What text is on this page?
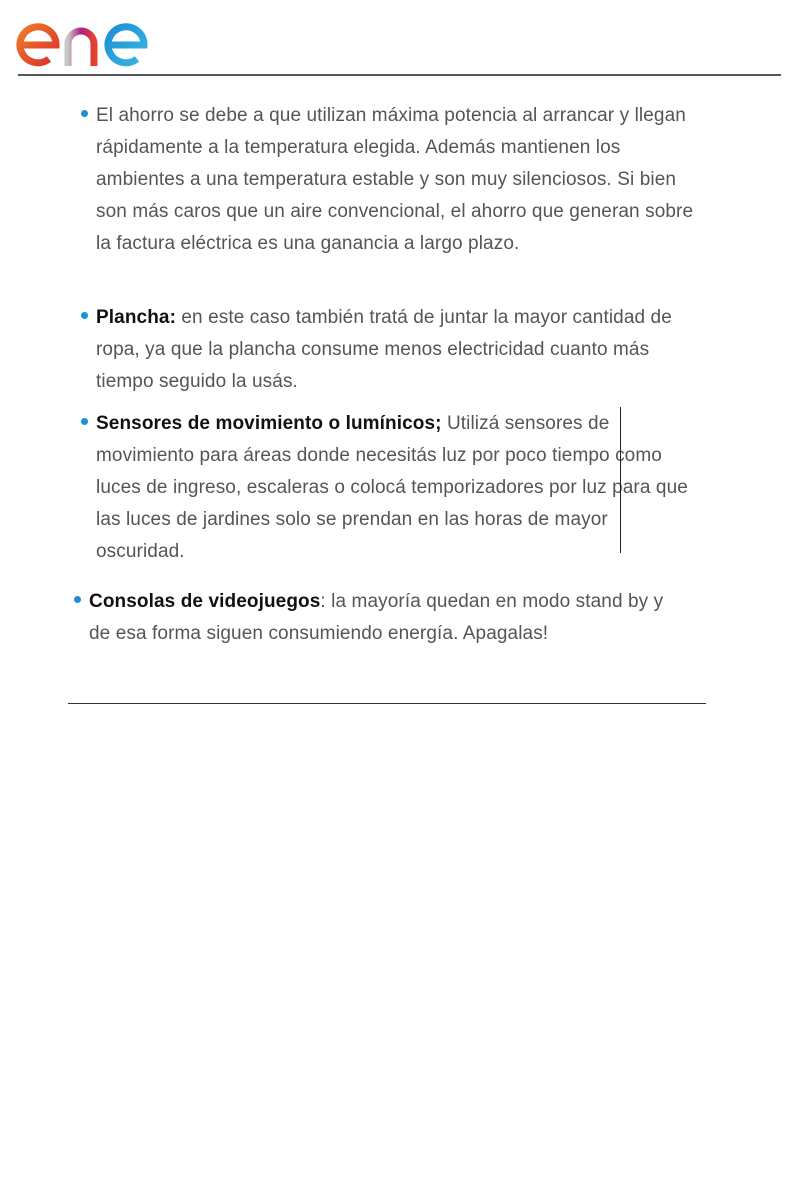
El ahorro se debe a que utilizan máxima potencia al arrancar y llegan rápidamente a la temperatura elegida. Además mantienen los ambientes a una temperatura estable y son muy silenciosos. Si bien son más caros que un aire convencional, el ahorro que generan sobre la factura eléctrica es una ganancia a largo plazo.
Plancha: en este caso también tratá de juntar la mayor cantidad de ropa, ya que la plancha consume menos electricidad cuanto más tiempo seguido la usás.
Sensores de movimiento o lumínicos; Utilizá sensores de movimiento para áreas donde necesitás luz por poco tiempo como luces de ingreso, escaleras o colocá temporizadores por luz para que las luces de jardines solo se prendan en las horas de mayor oscuridad.
Consolas de videojuegos: la mayoría quedan en modo stand by y de esa forma siguen consumiendo energía. Apagalas!
